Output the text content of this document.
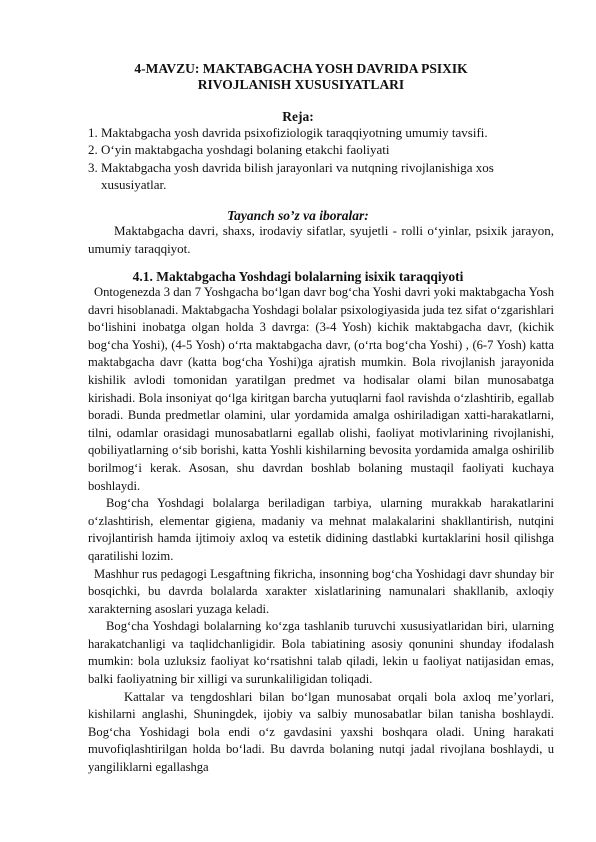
4-MAVZU: MAKTABGACHA YOSH DAVRIDA PSIXIK
RIVOJLANISH XUSUSIYATLARI
Reja:
1. Maktabgacha yosh davrida psixofiziologik taraqqiyotning umumiy tavsifi.
2. O‘yin maktabgacha yoshdagi bolaning etakchi faoliyati
3. Maktabgacha yosh davrida bilish jarayonlari va nutqning rivojlanishiga xos
xususiyatlar.
Tayanch so’z va iboralar:
Maktabgacha davri, shaxs, irodaviy sifatlar, syujetli - rolli o‘yinlar, psixik jarayon, umumiy taraqqiyot.
4.1. Maktabgacha Yoshdagi bolalarning isixik taraqqiyoti

Ontogenezda 3 dan 7 Yoshgacha bo‘lgan davr bog‘cha Yoshi davri yoki maktabgacha Yosh davri hisoblanadi. Maktabgacha Yoshdagi bolalar psixologiyasida juda tez sifat o‘zgarishlari bo‘lishini inobatga olgan holda 3 davrga: (3-4 Yosh) kichik maktabgacha davr, (kichik bog‘cha Yoshi), (4-5 Yosh) o‘rta maktabgacha davr, (o‘rta bog‘cha Yoshi) , (6-7 Yosh) katta maktabgacha davr (katta bog‘cha Yoshi)ga ajratish mumkin. Bola rivojlanish jarayonida kishilik avlodi tomonidan yaratilgan predmet va hodisalar olami bilan munosabatga kirishadi. Bola insoniyat qo‘lga kiritgan barcha yutuqlarni faol ravishda o‘zlashtirib, egallab boradi. Bunda predmetlar olamini, ular yordamida amalga oshiriladigan xatti-harakatlarni, tilni, odamlar orasidagi munosabatlarni egallab olishi, faoliyat motivlarining rivojlanishi, qobiliyatlarning o‘sib borishi, katta Yoshli kishilarning bevosita yordamida amalga oshirilib borilmog‘i kerak. Asosan, shu davrdan boshlab bolaning mustaqil faoliyati kuchaya boshlaydi.

Bog‘cha Yoshdagi bolalarga beriladigan tarbiya, ularning murakkab harakatlarini o‘zlashtirish, elementar gigiena, madaniy va mehnat malakalarini shakllantirish, nutqini rivojlantirish hamda ijtimoiy axloq va estetik didining dastlabki kurtaklarini hosil qilishga qaratilishi lozim.

Mashhur rus pedagogi Lesgaftning fikricha, insonning bog‘cha Yoshidagi davr shunday bir bosqichki, bu davrda bolalarda xarakter xislatlarining namunalari shakllanib, axloqiy xarakterning asoslari yuzaga keladi.

Bog‘cha Yoshdagi bolalarning ko‘zga tashlanib turuvchi xususiyatlaridan biri, ularning harakatchanligi va taqlidchanligidir. Bola tabiatining asosiy qonunini shunday ifodalash mumkin: bola uzluksiz faoliyat ko‘rsatishni talab qiladi, lekin u faoliyat natijasidan emas, balki faoliyatning bir xilligi va surunkaliligidan toliqadi.

Kattalar va tengdoshlari bilan bo‘lgan munosabat orqali bola axloq me’yorlari, kishilarni anglashi, Shuningdek, ijobiy va salbiy munosabatlar bilan tanisha boshlaydi. Bog‘cha Yoshidagi bola endi o‘z gavdasini yaxshi boshqara oladi. Uning harakati muvofiqlashtirilgan holda bo‘ladi. Bu davrda bolaning nutqi jadal rivojlana boshlaydi, u yangiliklarni egallashga
